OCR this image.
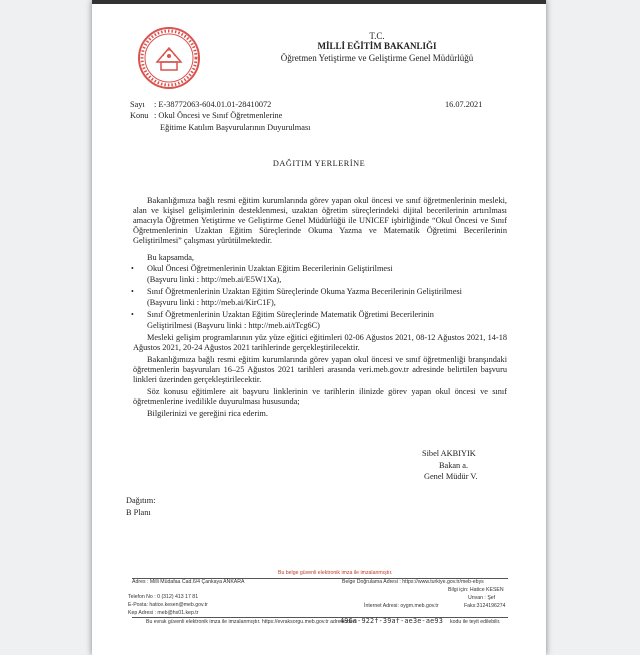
T.C.
MİLLİ EĞİTİM BAKANLIĞI
Öğretmen Yetiştirme ve Geliştirme Genel Müdürlüğü
Sayı : E-38772063-604.01.01-28410072	16.07.2021
Konu : Okul Öncesi ve Sınıf Öğretmenlerine
Eğitime Katılım Başvurularının Duyurulması
DAĞITIM YERLERİNE
Bakanlığımıza bağlı resmi eğitim kurumlarında görev yapan okul öncesi ve sınıf öğretmenlerinin mesleki, alan ve kişisel gelişimlerinin desteklenmesi, uzaktan öğretim süreçlerindeki dijital becerilerinin artırılması amacıyla Öğretmen Yetiştirme ve Geliştirme Genel Müdürlüğü ile UNICEF işbirliğinde “Okul Öncesi ve Sınıf Öğretmenlerinin Uzaktan Eğitim Süreçlerinde Okuma Yazma ve Matematik Öğretimi Becerilerinin Geliştirilmesi” çalışması yürütülmektedir.
Bu kapsamda,
• Okul Öncesi Öğretmenlerinin Uzaktan Eğitim Becerilerinin Geliştirilmesi
(Başvuru linki : http://meb.ai/E5W1Xa),
• Sınıf Öğretmenlerinin Uzaktan Eğitim Süreçlerinde Okuma Yazma Becerilerinin Geliştirilmesi
(Başvuru linki : http://meb.ai/KirC1F),
• Sınıf Öğretmenlerinin Uzaktan Eğitim Süreçlerinde Matematik Öğretimi Becerilerinin
Geliştirilmesi (Başvuru linki : http://meb.ai/tTcg6C)
Mesleki gelişim programlarının yüz yüze eğitici eğitimleri 02-06 Ağustos 2021, 08-12 Ağustos 2021, 14-18 Ağustos 2021, 20-24 Ağustos 2021 tarihlerinde gerçekleştirilecektir.
Bakanlığımıza bağlı resmi eğitim kurumlarında görev yapan okul öncesi ve sınıf öğretmenliği branşındaki öğretmenlerin başvuruları 16–25 Ağustos 2021 tarihleri arasında veri.meb.gov.tr adresinde belirtilen başvuru linkleri üzerinden gerçekleştirilecektir.
Söz konusu eğitimlere ait başvuru linklerinin ve tarihlerin ilinizde görev yapan okul öncesi ve sınıf öğretmenlerine ivedilikle duyurulması hususunda;
Bilgilerinizi ve gereğini rica ederim.
Sibel AKBIYIK
Bakan a.
Genel Müdür V.
Dağıtım:
B Planı
Bu belge güvenli elektronik imza ile imzalanmıştır.
Adres : Milli Müdafaa Cad.6/4 Çankaya ANKARA	Belge Doğrulama Adresi : https://www.turkiye.gov.tr/meb-ebys
Bilgi için: Hatice KESEN
Telefon No : 0 (312) 413 17 81	Unvan : Şef
E-Posta: hatice.kesen@meb.gov.tr	İnternet Adresi: oygm.meb.gov.tr	Faks:3124196274
Kep Adresi : meb@hs01.kep.tr
Bu evrak güvenli elektronik imza ile imzalanmıştır. https://evraksorgu.meb.gov.tr adresinden
496a-922f-39af-ae3e-ae93 kodu ile teyit edilebilir.
